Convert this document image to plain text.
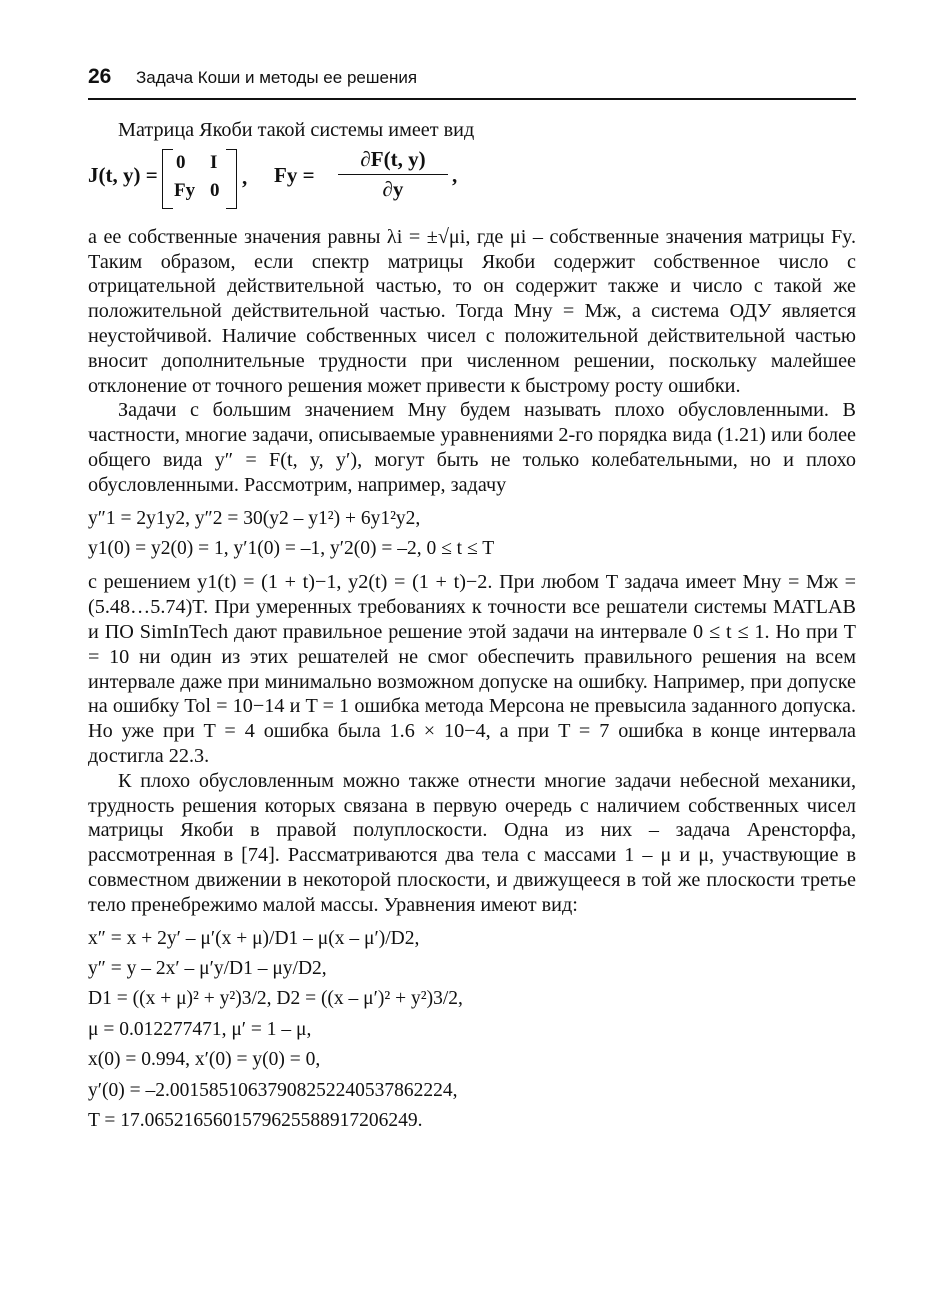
26 Задача Коши и методы ее решения

Матрица Якоби такой системы имеет вид

J(t, y) =
0 I
Fy 0
, $Fy = \frac{\partial F(t, y)}{\partial y}$ ,

а ее собственные значения равны λi = ±√μi, где μi – собственные значения матрицы Fy. Таким образом, если спектр матрицы Якоби содержит собственное число с отрицательной действительной частью, то он содержит также и число с такой же положительной действительной частью. Тогда Mну = Mж, а система ОДУ является неустойчивой. Наличие собственных чисел с положительной действительной частью вносит дополнительные трудности при численном решении, поскольку малейшее отклонение от точного решения может привести к быстрому росту ошибки.

Задачи с большим значением Mну будем называть плохо обусловленными. В частности, многие задачи, описываемые уравнениями 2-го порядка вида (1.21) или более общего вида y″ = F(t, y, y′), могут быть не только колебательными, но и плохо обусловленными. Рассмотрим, например, задачу

y″1 = 2y1y2, y″2 = 30(y2 – y1²) + 6y1²y2,

y1(0) = y2(0) = 1, y′1(0) = –1, y′2(0) = –2, 0 ≤ t ≤ T

с решением y1(t) = (1 + t)−1, y2(t) = (1 + t)−2. При любом T задача имеет Mну = Mж = (5.48…5.74)T. При умеренных требованиях к точности все решатели системы MATLAB и ПО SimInTech дают правильное решение этой задачи на интервале 0 ≤ t ≤ 1. Но при T = 10 ни один из этих решателей не смог обеспечить правильного решения на всем интервале даже при минимально возможном допуске на ошибку. Например, при допуске на ошибку Tol = 10−14 и T = 1 ошибка метода Мерсона не превысила заданного допуска. Но уже при T = 4 ошибка была 1.6 × 10−4, а при T = 7 ошибка в конце интервала достигла 22.3.

К плохо обусловленным можно также отнести многие задачи небесной механики, трудность решения которых связана в первую очередь с наличием собственных чисел матрицы Якоби в правой полуплоскости. Одна из них – задача Аренсторфа, рассмотренная в [74]. Рассматриваются два тела с массами 1 – μ и μ, участвующие в совместном движении в некоторой плоскости, и движущееся в той же плоскости третье тело пренебрежимо малой массы. Уравнения имеют вид:

x″ = x + 2y′ – μ′(x + μ)/D1 – μ(x – μ′)/D2,

y″ = y – 2x′ – μ′y/D1 – μy/D2,

D1 = ((x + μ)² + y²)3/2, D2 = ((x – μ′)² + y²)3/2,

μ = 0.012277471, μ′ = 1 – μ,

x(0) = 0.994, x′(0) = y(0) = 0,

y′(0) = –2.00158510637908252240537862224,

T = 17.0652165601579625588917206249.
